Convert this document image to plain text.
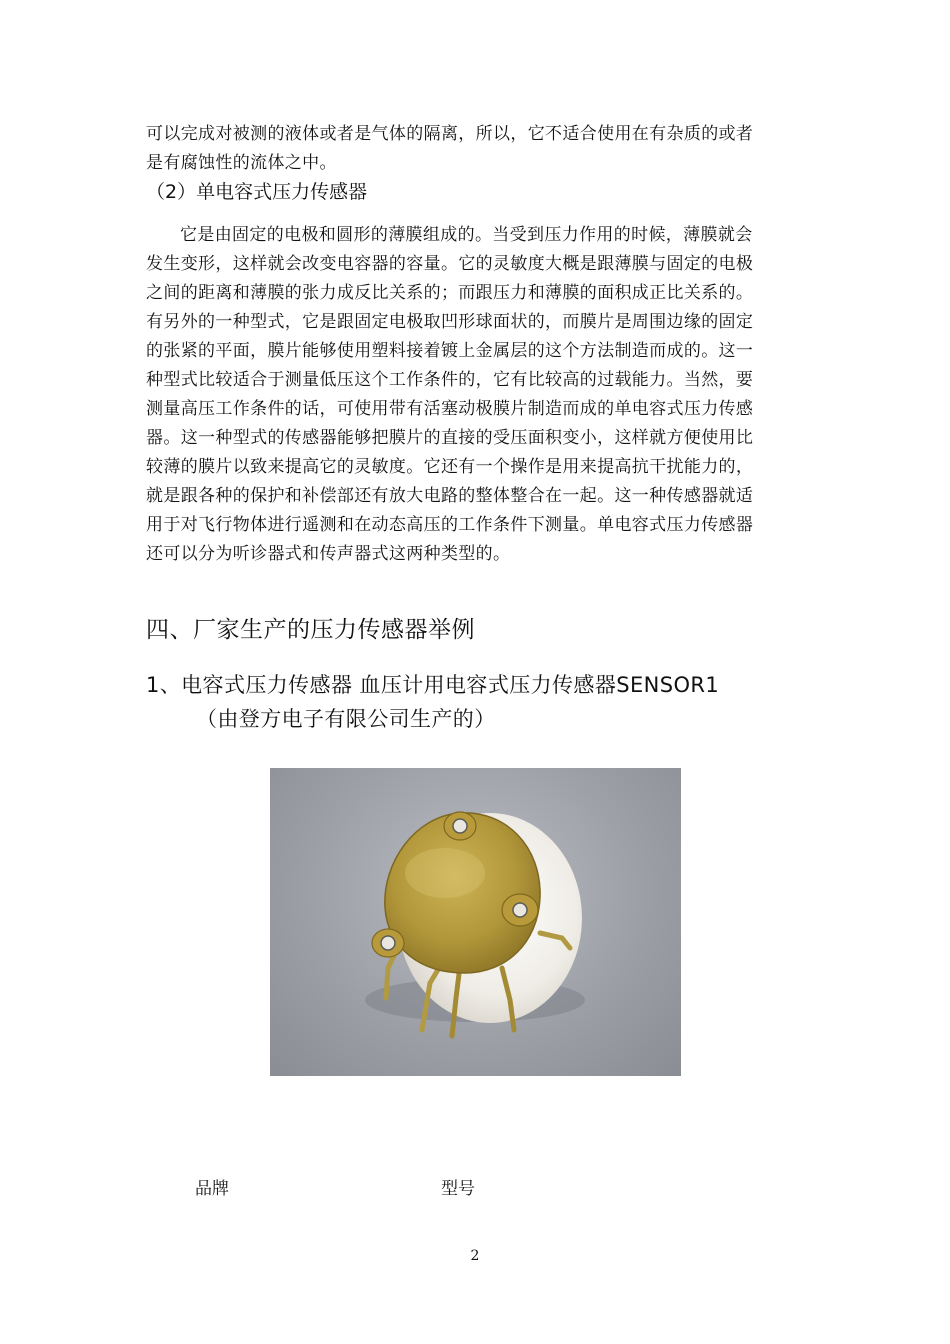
可以完成对被测的液体或者是气体的隔离，所以，它不适合使用在有杂质的或者
是有腐蚀性的流体之中。
（2）单电容式压力传感器
它是由固定的电极和圆形的薄膜组成的。当受到压力作用的时候，薄膜就会
发生变形，这样就会改变电容器的容量。它的灵敏度大概是跟薄膜与固定的电极
之间的距离和薄膜的张力成反比关系的；而跟压力和薄膜的面积成正比关系的。
有另外的一种型式，它是跟固定电极取凹形球面状的，而膜片是周围边缘的固定
的张紧的平面，膜片能够使用塑料接着镀上金属层的这个方法制造而成的。这一
种型式比较适合于测量低压这个工作条件的，它有比较高的过载能力。当然，要
测量高压工作条件的话，可使用带有活塞动极膜片制造而成的单电容式压力传感
器。这一种型式的传感器能够把膜片的直接的受压面积变小，这样就方便使用比
较薄的膜片以致来提高它的灵敏度。它还有一个操作是用来提高抗干扰能力的，
就是跟各种的保护和补偿部还有放大电路的整体整合在一起。这一种传感器就适
用于对飞行物体进行遥测和在动态高压的工作条件下测量。单电容式压力传感器
还可以分为听诊器式和传声器式这两种类型的。
四、厂家生产的压力传感器举例
1、电容式压力传感器 血压计用电容式压力传感器SENSOR1
（由登方电子有限公司生产的）
品牌	型号
2
